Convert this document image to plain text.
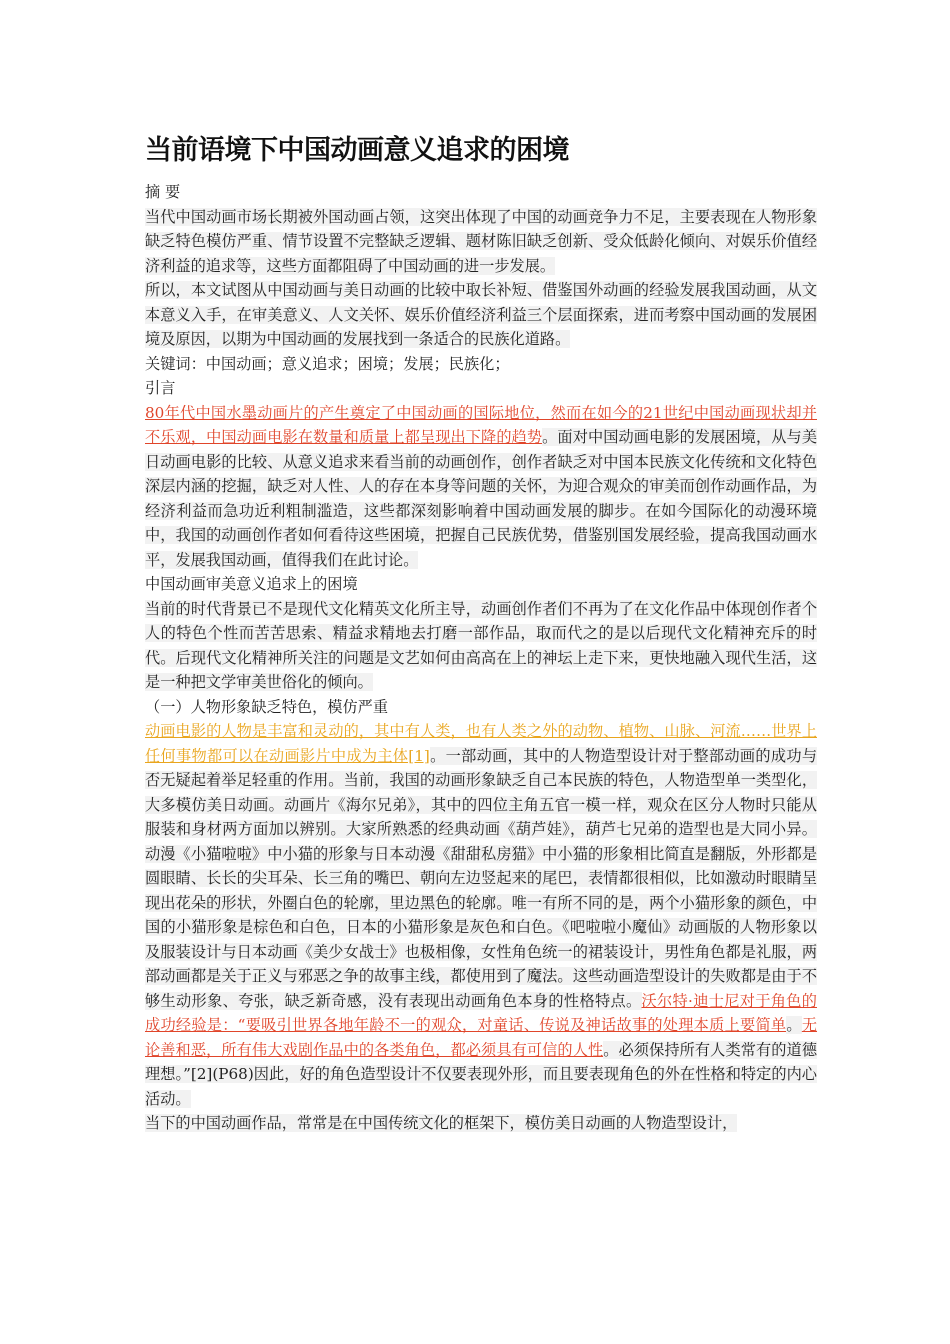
当前语境下中国动画意义追求的困境

摘 要

当代中国动画市场长期被外国动画占领，这突出体现了中国的动画竞争力不足，主要表现在人物形象缺乏特色模仿严重、情节设置不完整缺乏逻辑、题材陈旧缺乏创新、受众低龄化倾向、对娱乐价值经济利益的追求等，这些方面都阻碍了中国动画的进一步发展。

所以，本文试图从中国动画与美日动画的比较中取长补短、借鉴国外动画的经验发展我国动画，从文本意义入手，在审美意义、人文关怀、娱乐价值经济利益三个层面探索，进而考察中国动画的发展困境及原因，以期为中国动画的发展找到一条适合的民族化道路。

关键词：中国动画；意义追求；困境；发展；民族化；

引言

80年代中国水墨动画片的产生奠定了中国动画的国际地位，然而在如今的21世纪中国动画现状却并不乐观，中国动画电影在数量和质量上都呈现出下降的趋势。面对中国动画电影的发展困境，从与美日动画电影的比较、从意义追求来看当前的动画创作，创作者缺乏对中国本民族文化传统和文化特色深层内涵的挖掘，缺乏对人性、人的存在本身等问题的关怀，为迎合观众的审美而创作动画作品，为经济利益而急功近利粗制滥造，这些都深刻影响着中国动画发展的脚步。在如今国际化的动漫环境中，我国的动画创作者如何看待这些困境，把握自己民族优势，借鉴别国发展经验，提高我国动画水平，发展我国动画，值得我们在此讨论。

中国动画审美意义追求上的困境

当前的时代背景已不是现代文化精英文化所主导，动画创作者们不再为了在文化作品中体现创作者个人的特色个性而苦苦思索、精益求精地去打磨一部作品，取而代之的是以后现代文化精神充斥的时代。后现代文化精神所关注的问题是文艺如何由高高在上的神坛上走下来，更快地融入现代生活，这是一种把文学审美世俗化的倾向。

（一）人物形象缺乏特色，模仿严重

动画电影的人物是丰富和灵动的，其中有人类，也有人类之外的动物、植物、山脉、河流……世界上任何事物都可以在动画影片中成为主体[1]。一部动画，其中的人物造型设计对于整部动画的成功与否无疑起着举足轻重的作用。当前，我国的动画形象缺乏自己本民族的特色，人物造型单一类型化，大多模仿美日动画。动画片《海尔兄弟》，其中的四位主角五官一模一样，观众在区分人物时只能从服装和身材两方面加以辨别。大家所熟悉的经典动画《葫芦娃》，葫芦七兄弟的造型也是大同小异。动漫《小猫啦啦》中小猫的形象与日本动漫《甜甜私房猫》中小猫的形象相比简直是翻版，外形都是圆眼睛、长长的尖耳朵、长三角的嘴巴、朝向左边竖起来的尾巴，表情都很相似，比如激动时眼睛呈现出花朵的形状，外圈白色的轮廓，里边黑色的轮廓。唯一有所不同的是，两个小猫形象的颜色，中国的小猫形象是棕色和白色，日本的小猫形象是灰色和白色。《吧啦啦小魔仙》动画版的人物形象以及服装设计与日本动画《美少女战士》也极相像，女性角色统一的裙装设计，男性角色都是礼服，两部动画都是关于正义与邪恶之争的故事主线，都使用到了魔法。这些动画造型设计的失败都是由于不够生动形象、夸张，缺乏新奇感，没有表现出动画角色本身的性格特点。沃尔特·迪士尼对于角色的成功经验是：“要吸引世界各地年龄不一的观众，对童话、传说及神话故事的处理本质上要简单。无论善和恶，所有伟大戏剧作品中的各类角色，都必须具有可信的人性。必须保持所有人类常有的道德理想。”[2](P68)因此，好的角色造型设计不仅要表现外形，而且要表现角色的外在性格和特定的内心活动。

当下的中国动画作品，常常是在中国传统文化的框架下，模仿美日动画的人物造型设计，
